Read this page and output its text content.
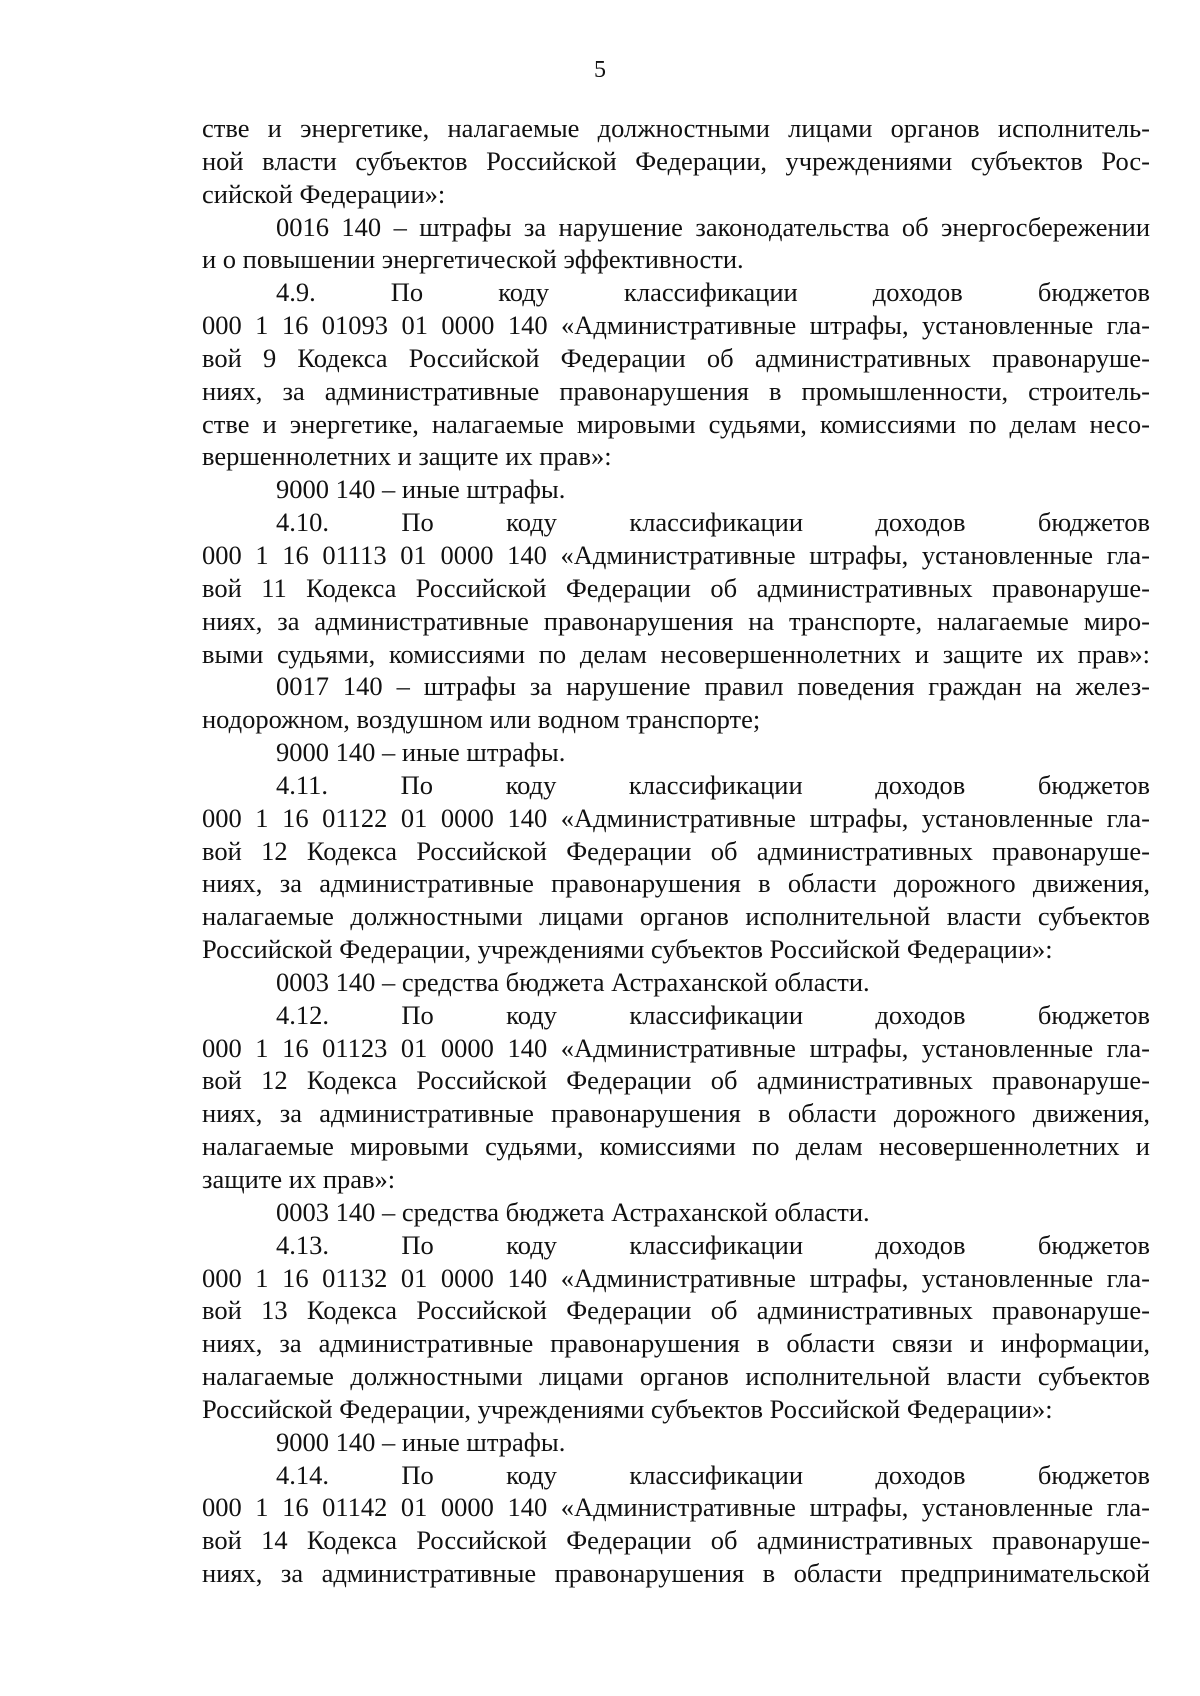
5
стве и энергетике, налагаемые должностными лицами органов исполнитель-
ной власти субъектов Российской Федерации, учреждениями субъектов Рос-
сийской Федерации»:
0016 140 – штрафы за нарушение законодательства об энергосбережении
и о повышении энергетической эффективности.
4.9. По кодy классификации доходов бюджетов
000 1 16 01093 01 0000 140 «Административные штрафы, установленные гла-
вой 9 Кодекса Российской Федерации об административных правонаруше-
ниях, за административные правонарушения в промышленности, строитель-
стве и энергетике, налагаемые мировыми судьями, комиссиями по делам несо-
вершеннолетних и защите их прав»:
9000 140 – иные штрафы.
4.10. По коду классификации доходов бюджетов
000 1 16 01113 01 0000 140 «Административные штрафы, установленные гла-
вой 11 Кодекса Российской Федерации об административных правонаруше-
ниях, за административные правонарушения на транспорте, налагаемые миро-
выми судьями, комиссиями по делам несовершеннолетних и защите их прав»:
0017 140 – штрафы за нарушение правил поведения граждан на желез-
нодорожном, воздушном или водном транспорте;
9000 140 – иные штрафы.
4.11. По коду классификации доходов бюджетов
000 1 16 01122 01 0000 140 «Административные штрафы, установленные гла-
вой 12 Кодекса Российской Федерации об административных правонаруше-
ниях, за административные правонарушения в области дорожного движения,
налагаемые должностными лицами органов исполнительной власти субъектов
Российской Федерации, учреждениями субъектов Российской Федерации»:
0003 140 – средства бюджета Астраханской области.
4.12. По коду классификации доходов бюджетов
000 1 16 01123 01 0000 140 «Административные штрафы, установленные гла-
вой 12 Кодекса Российской Федерации об административных правонаруше-
ниях, за административные правонарушения в области дорожного движения,
налагаемые мировыми судьями, комиссиями по делам несовершеннолетних и
защите их прав»:
0003 140 – средства бюджета Астраханской области.
4.13. По коду классификации доходов бюджетов
000 1 16 01132 01 0000 140 «Административные штрафы, установленные гла-
вой 13 Кодекса Российской Федерации об административных правонаруше-
ниях, за административные правонарушения в области связи и информации,
налагаемые должностными лицами органов исполнительной власти субъектов
Российской Федерации, учреждениями субъектов Российской Федерации»:
9000 140 – иные штрафы.
4.14. По коду классификации доходов бюджетов
000 1 16 01142 01 0000 140 «Административные штрафы, установленные гла-
вой 14 Кодекса Российской Федерации об административных правонаруше-
ниях, за административные правонарушения в области предпринимательской
